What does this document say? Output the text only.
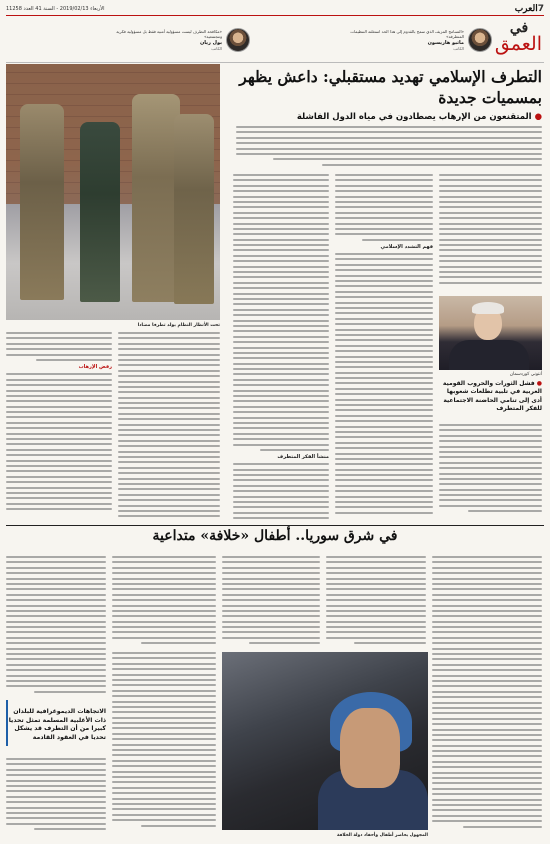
7
العرب
الأربعاء 2019/02/13 - السنة 41 العدد 11258
في
العمق
«التسامح المزيف الذي سمح بالقدوم إلى هذا الحد استغلته التنظيمات المتطرفة»
ماثيو هاريسون
الكاتب
«مكافحة التطرف ليست مسؤولية أمنية فقط بل مسؤولية فكرية ومجتمعية»
بول ريان
الكاتب
التطرف الإسلامي تهديد مستقبلي: داعش يظهر بمسميات جديدة
● المتقنعون من الإرهاب يصطادون في مياه الدول الفاشلة
تحت الأنظار النظام يولد تطرفا مضادا
أنتوني كوردسمان
● فشل الثورات والحروب القومية العربية في تلبية تطلعات شعوبها أدى إلى تنامي الحاضنة الاجتماعية للفكر المتطرف
فهم التشدد الإسلامي
منشأ الفكر المتطرف
رفض الإرهاب
في شرق سوريا.. أطفال «خلافة» متداعية
الاتجاهات الديموغرافية للبلدان ذات الأغلبية المسلمة تمثل تحديا كبيرا من أن التطرف قد يشكل تحديا في العقود القادمة
المجهول يحاصر أطفال وأحفاد دولة الخلافة
